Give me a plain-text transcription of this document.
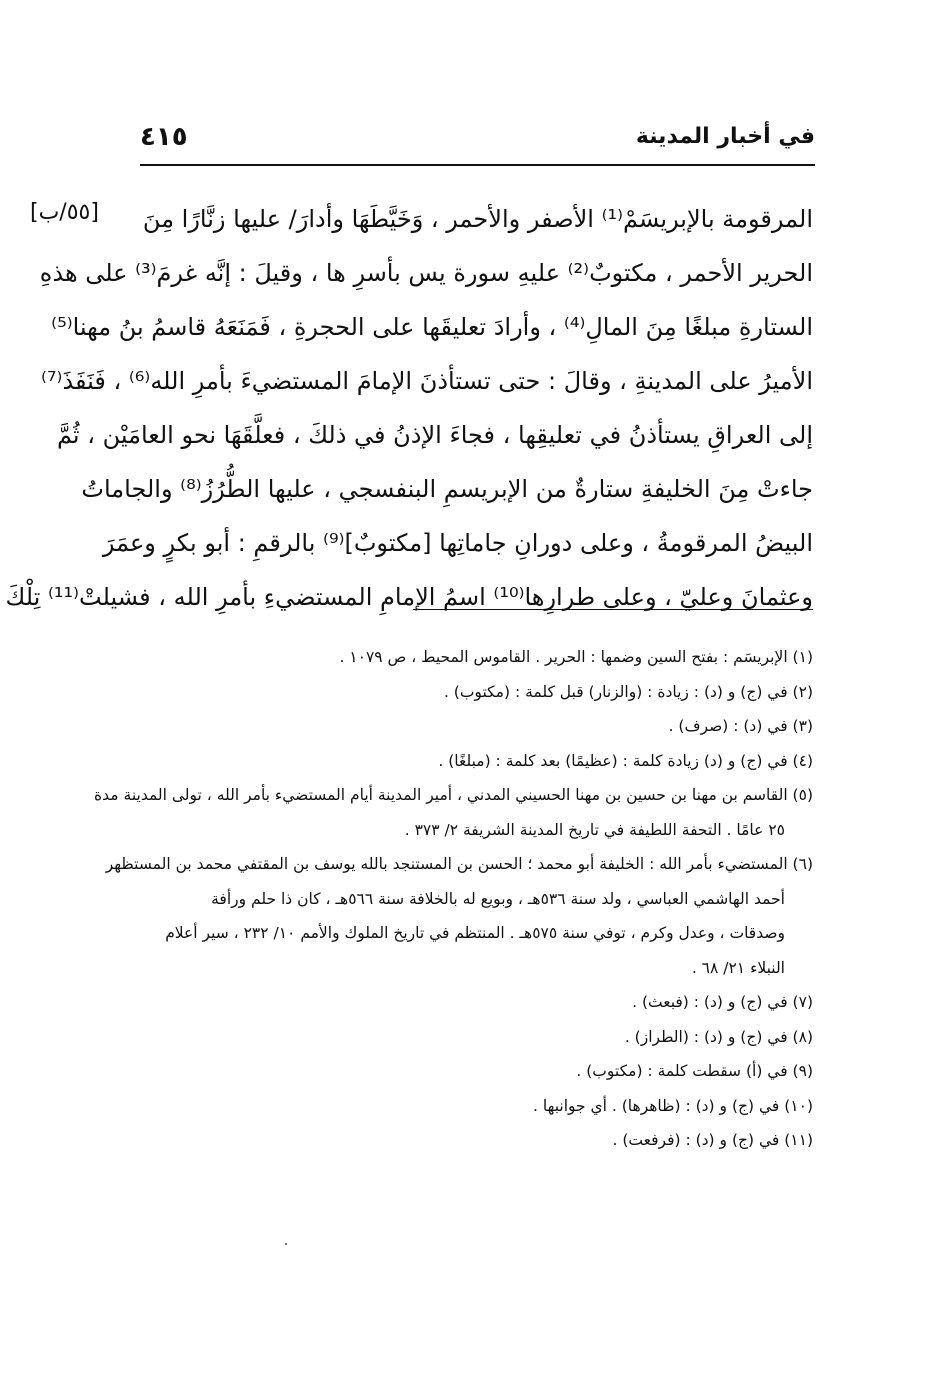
٤١٥	في أخبار المدينة
[٥٥/ب] المرقومة بالإبريسَمْ⁽¹⁾ الأصفر والأحمر ، وَخَيَّطَهَا وأدارَ/ عليها زنَّارًا مِنَ
الحرير الأحمر ، مكتوبٌ⁽²⁾ عليهِ سورة يس بأسرِ ها ، وقيلَ : إنَّه غرمَ⁽³⁾ على هذهِ
الستارةِ مبلغًا مِنَ المالِ⁽⁴⁾ ، وأرادَ تعليقَها على الحجرةِ ، فَمَنَعَهُ قاسمُ بنُ مهنا⁽⁵⁾
الأميرُ على المدينةِ ، وقالَ : حتى تستأذنَ الإمامَ المستضيءَ بأمرِ الله⁽⁶⁾ ، فَنَفَذَ⁽⁷⁾
إلى العراقِ يستأذنُ في تعليقِها ، فجاءَ الإذنُ في ذلكَ ، فعلَّقَهَا نحو العامَيْن ، ثُمَّ
جاءتْ مِنَ الخليفةِ ستارةٌ من الإبريسمِ البنفسجي ، عليها الطُّرُزُ⁽⁸⁾ والجاماتُ
البيضُ المرقومةُ ، وعلى دورانِ جاماتِها [مكتوبٌ]⁽⁹⁾ بالرقمِ : أبو بكرٍ وعمَرَ
وعثمانَ وعليّ ، وعلى طرارِها⁽¹⁰⁾ اسمُ الإمامِ المستضيءِ بأمرِ الله ، فشيلتْ⁽¹¹⁾ تِلْكَ
(١) الإبريسَم : بفتح السين وضمها : الحرير . القاموس المحيط ، ص ١٠٧٩ .
(٢) في (ج) و (د) : زيادة : (والزنار) قبل كلمة : (مكتوب) .
(٣) في (د) : (صرف) .
(٤) في (ج) و (د) زيادة كلمة : (عظيمًا) بعد كلمة : (مبلغًا) .
(٥) القاسم بن مهنا بن حسين بن مهنا الحسيني المدني ، أمير المدينة أيام المستضيء بأمر الله ، تولى المدينة مدة
٢٥ عامًا . التحفة اللطيفة في تاريخ المدينة الشريفة ٢/ ٣٧٣ .
(٦) المستضيء بأمر الله : الخليفة أبو محمد ؛ الحسن بن المستنجد بالله يوسف بن المقتفي محمد بن المستظهر
أحمد الهاشمي العباسي ، ولد سنة ٥٣٦هـ ، وبويع له بالخلافة سنة ٥٦٦هـ ، كان ذا حلم ورأفة
وصدقات ، وعدل وكرم ، توفي سنة ٥٧٥هـ . المنتظم في تاريخ الملوك والأمم ١٠/ ٢٣٢ ، سير أعلام
النبلاء ٢١/ ٦٨ .
(٧) في (ج) و (د) : (فبعث) .
(٨) في (ج) و (د) : (الطراز) .
(٩) في (أ) سقطت كلمة : (مكتوب) .
(١٠) في (ج) و (د) : (ظاهرها) . أي جوانبها .
(١١) في (ج) و (د) : (فرفعت) .
